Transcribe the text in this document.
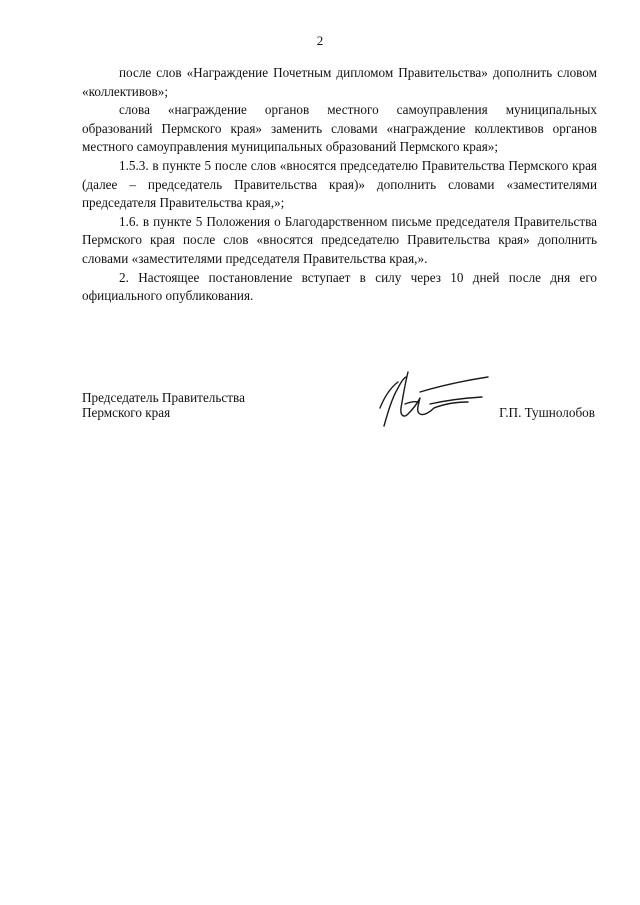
2

после слов «Награждение Почетным дипломом Правительства» дополнить словом «коллективов»;

слова «награждение органов местного самоуправления муниципальных образований Пермского края» заменить словами «награждение коллективов органов местного самоуправления муниципальных образований Пермского края»;

1.5.3. в пункте 5 после слов «вносятся председателю Правительства Пермского края (далее – председатель Правительства края)» дополнить словами «заместителями председателя Правительства края,»;

1.6. в пункте 5 Положения о Благодарственном письме председателя Правительства Пермского края после слов «вносятся председателю Правительства края» дополнить словами «заместителями председателя Правительства края,».

2. Настоящее постановление вступает в силу через 10 дней после дня его официального опубликования.

Председатель Правительства
Пермского края	Г.П. Тушнолобов
